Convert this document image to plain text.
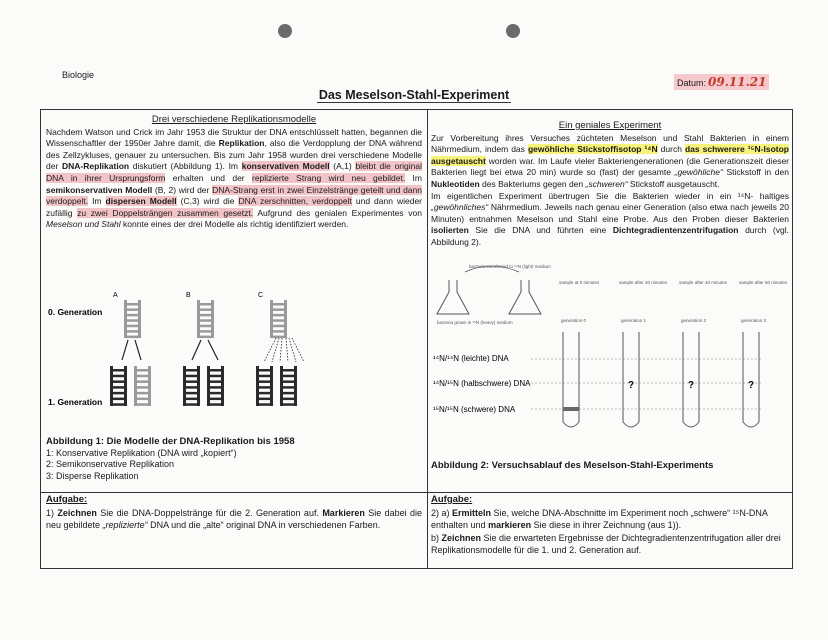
Biologie
Datum: 09.11.21
Das Meselson-Stahl-Experiment
Drei verschiedene Replikationsmodelle
Nachdem Watson und Crick im Jahr 1953 die Struktur der DNA entschlüsselt hatten, begannen die Wissenschaftler der 1950er Jahre damit, die Replikation, also die Verdopplung der DNA während des Zellzykluses, genauer zu untersuchen. Bis zum Jahr 1958 wurden drei verschiedene Modelle der DNA-Replikation diskutiert (Abbildung 1). Im konservativen Modell (A,1) bleibt die original DNA in ihrer Ursprungsform erhalten und der replizierte Strang wird neu gebildet. Im semikonservativen Modell (B, 2) wird der DNA-Strang erst in zwei Einzelstränge geteilt und dann verdoppelt. Im dispersen Modell (C,3) wird die DNA zerschnitten, verdoppelt und dann wieder zufällig zu zwei Doppelsträngen zusammen gesetzt. Aufgrund des genialen Experimentes von Meselson und Stahl konnte eines der drei Modelle als richtig identifiziert werden.
0. Generation
1. Generation
A	B	C
Abbildung 1: Die Modelle der DNA-Replikation bis 1958
1: Konservative Replikation (DNA wird „kopiert“)
2: Semikonservative Replikation
3: Disperse Replikation
Aufgabe:
1) Zeichnen Sie die DNA-Doppelstränge für die 2. Generation auf. Markieren Sie dabei die neu gebildete „replizierte“ DNA und die „alte“ original DNA in verschiedenen Farben.
Ein geniales Experiment
Zur Vorbereitung ihres Versuches züchteten Meselson und Stahl Bakterien in einem Nährmedium, indem das gewöhliche Stickstoffisotop ¹⁴N durch das schwerere ¹⁵N-Isotop ausgetauscht worden war. Im Laufe vieler Bakteriengenerationen (die Generationszeit dieser Bakterien liegt bei etwa 20 min) wurde so (fast) der gesamte „gewöhliche“ Stickstoff in den Nukleotiden des Bakteriums gegen den „schweren“ Stickstoff ausgetauscht.
Im eigentlichen Experiment übertrugen Sie die Bakterien wieder in ein ¹⁴N- haltiges „gewöhnliches“ Nährmedium. Jeweils nach genau einer Generation (also etwa nach jeweils 20 Minuten) entnahmen Meselson und Stahl eine Probe. Aus den Proben dieser Bakterien isolierten Sie die DNA und führten eine Dichtegradientenzentrifugation durch (vgl. Abbildung 2).
bacteria transferred to ¹⁴N (light) medium
bacteria grown in ¹⁵N (heavy) medium
sample at 0 minutes	sample after 20 minutes	sample after 40 minutes	sample after 60 minutes
generation 0	generation 1	generation 2	generation 3
?	?	?
¹⁴N/¹⁴N (leichte) DNA
¹⁴N/¹⁵N (halbschwere) DNA
¹⁵N/¹⁵N (schwere) DNA
Abbildung 2: Versuchsablauf des Meselson-Stahl-Experiments
Aufgabe:
2) a) Ermitteln Sie, welche DNA-Abschnitte im Experiment noch „schwere“ ¹⁵N-DNA enthalten und markieren Sie diese in ihrer Zeichnung (aus 1)).
b) Zeichnen Sie die erwarteten Ergebnisse der Dichtegradientenzentrifugation aller drei Replikationsmodelle für die 1. und 2. Generation auf.
